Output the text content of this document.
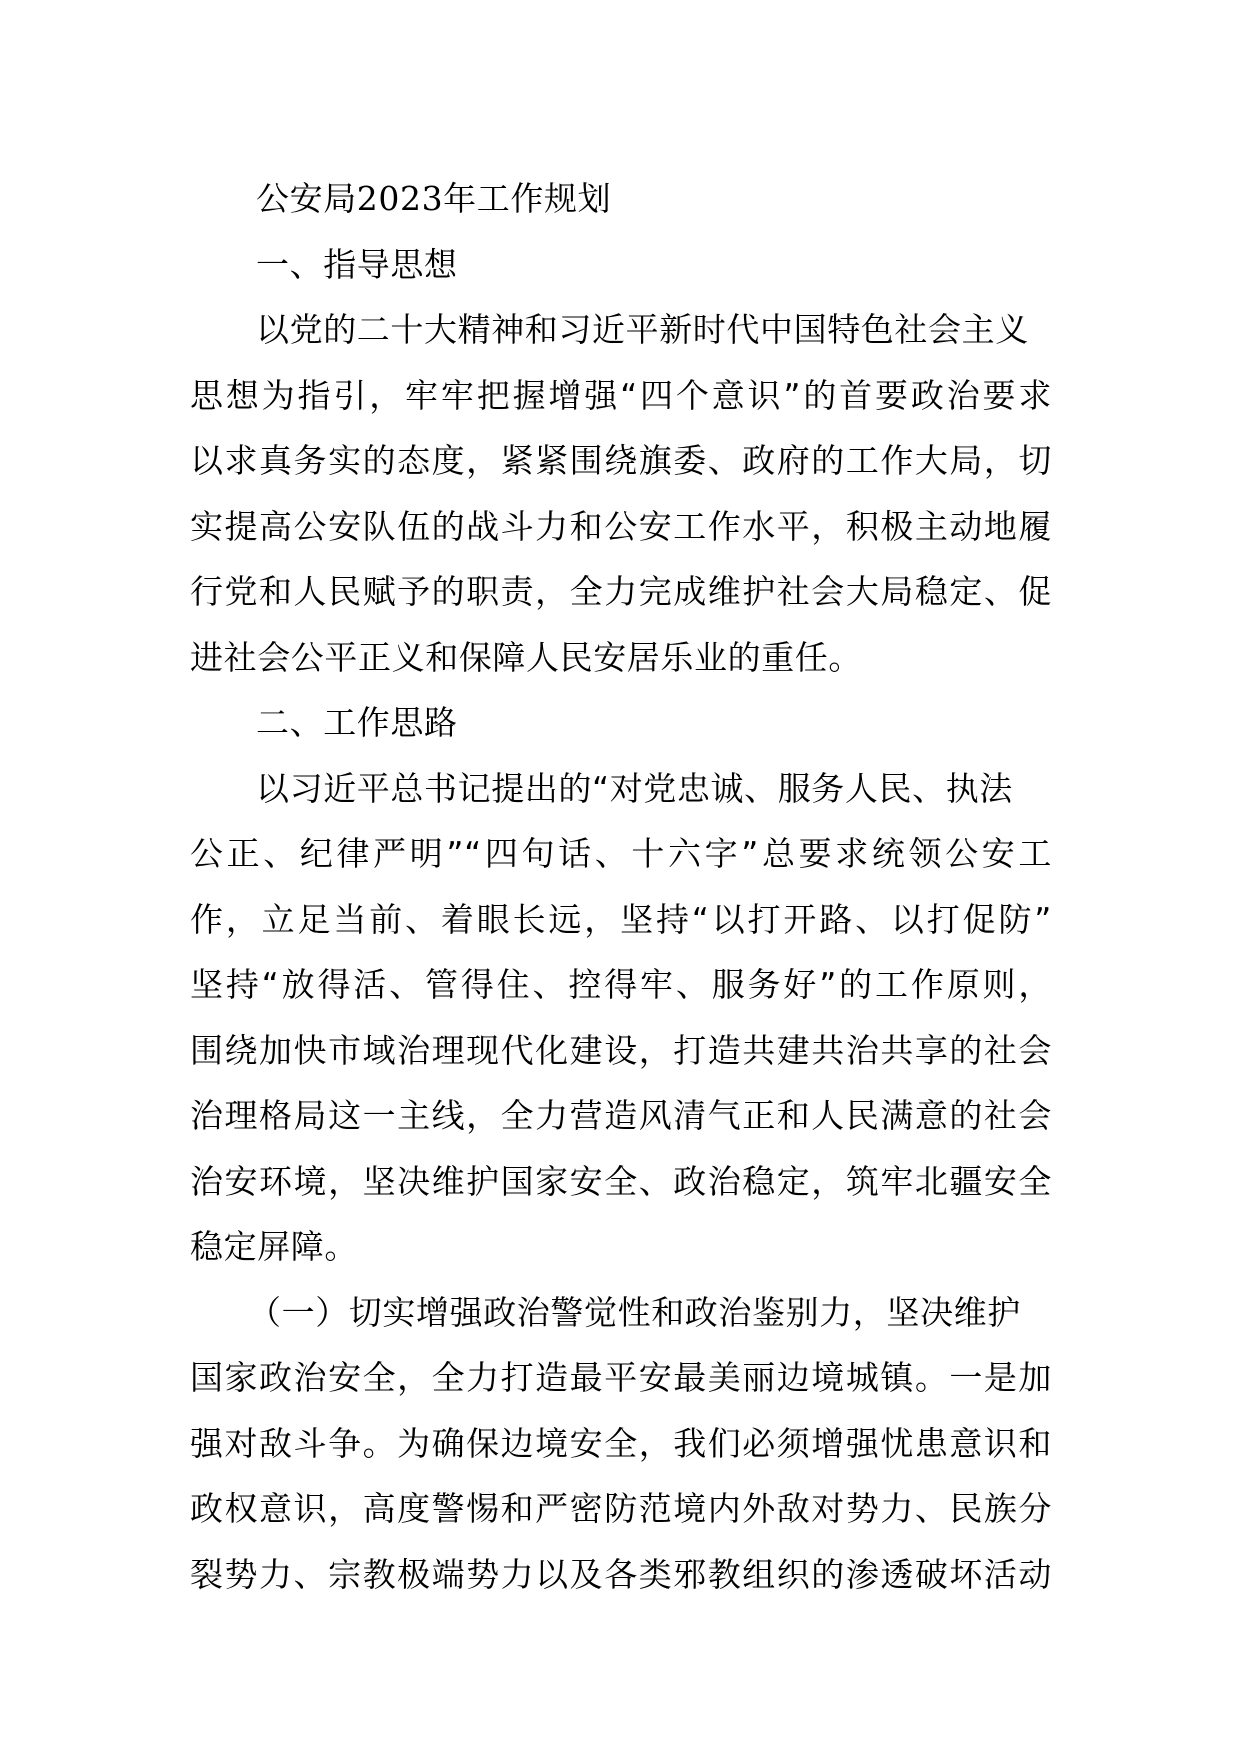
公安局2023年工作规划
一、指导思想
以党的二十大精神和习近平新时代中国特色社会主义
思想为指引，牢牢把握增强“四个意识”的首要政治要求
以求真务实的态度，紧紧围绕旗委、政府的工作大局，切
实提高公安队伍的战斗力和公安工作水平，积极主动地履
行党和人民赋予的职责，全力完成维护社会大局稳定、促
进社会公平正义和保障人民安居乐业的重任。
二、工作思路
以习近平总书记提出的“对党忠诚、服务人民、执法
公正、纪律严明”“四句话、十六字”总要求统领公安工
作，立足当前、着眼长远，坚持“以打开路、以打促防”
坚持“放得活、管得住、控得牢、服务好”的工作原则，
围绕加快市域治理现代化建设，打造共建共治共享的社会
治理格局这一主线，全力营造风清气正和人民满意的社会
治安环境，坚决维护国家安全、政治稳定，筑牢北疆安全
稳定屏障。
（一）切实增强政治警觉性和政治鉴别力，坚决维护
国家政治安全，全力打造最平安最美丽边境城镇。一是加
强对敌斗争。为确保边境安全，我们必须增强忧患意识和
政权意识，高度警惕和严密防范境内外敌对势力、民族分
裂势力、宗教极端势力以及各类邪教组织的渗透破坏活动
